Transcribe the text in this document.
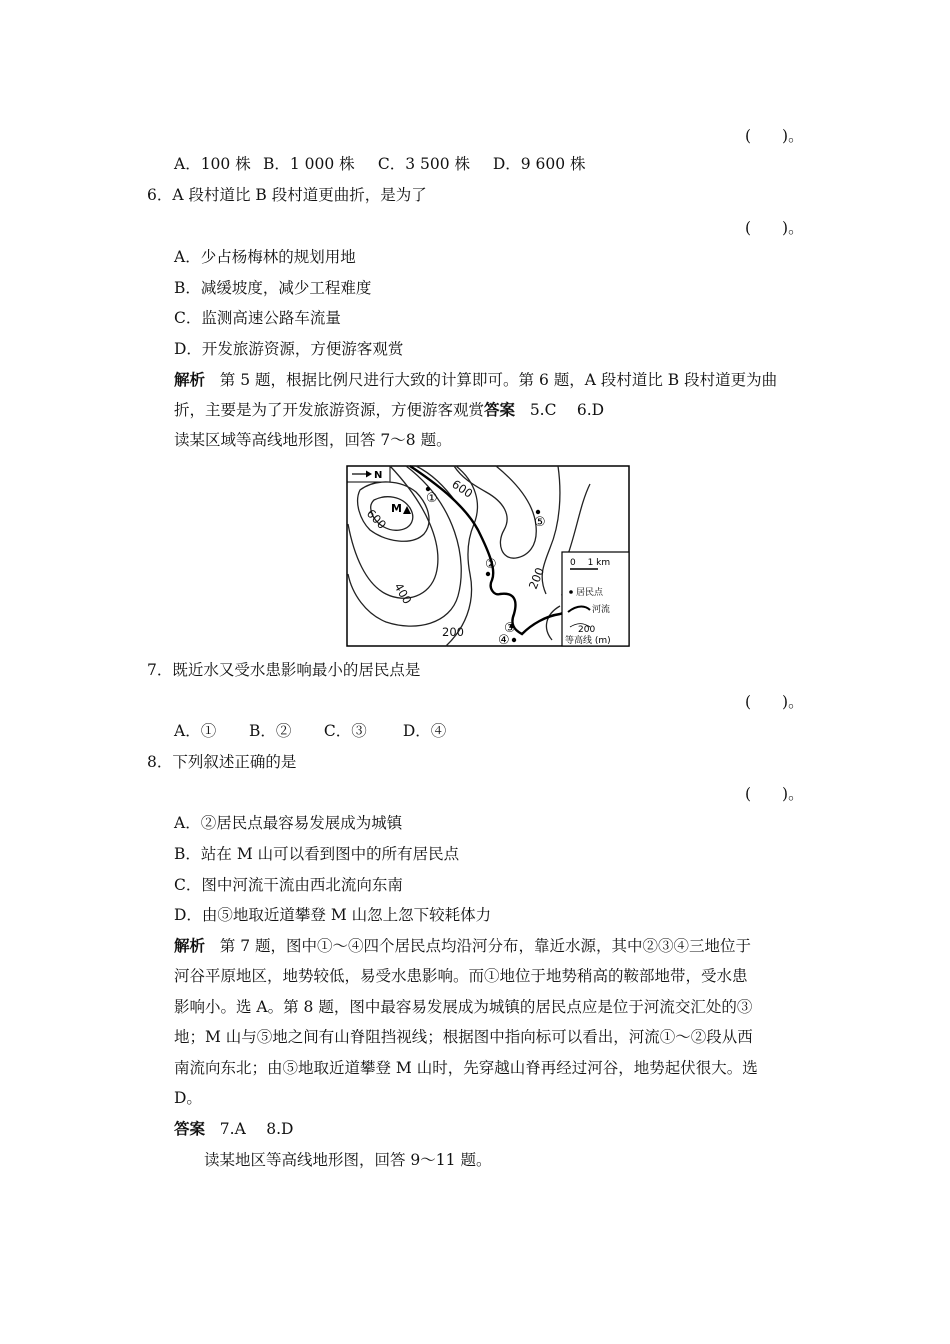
(　　)。
A．100 株 B．1 000 株 C．3 500 株 D．9 600 株
6．A 段村道比 B 段村道更曲折，是为了
(　　)。
A．少占杨梅林的规划用地
B．减缓坡度，减少工程难度
C．监测高速公路车流量
D．开发旅游资源，方便游客观赏
解析 第 5 题，根据比例尺进行大致的计算即可。第 6 题，A 段村道比 B 段村道更为曲
折，主要是为了开发旅游资源，方便游客观赏答案 5.C　 6.D
读某区域等高线地形图，回答 7～8 题。
N
600
600
400
200
200
M
①
②
③
④
⑤
0　 1 km
居民点
河流
200
等高线 (m)
7．既近水又受水患影响最小的居民点是
(　　)。
A．① B．② C．③ D．④
8．下列叙述正确的是
(　　)。
A．②居民点最容易发展成为城镇
B．站在 M 山可以看到图中的所有居民点
C．图中河流干流由西北流向东南
D．由⑤地取近道攀登 M 山忽上忽下较耗体力
解析 第 7 题，图中①～④四个居民点均沿河分布，靠近水源，其中②③④三地位于
河谷平原地区，地势较低，易受水患影响。而①地位于地势稍高的鞍部地带，受水患
影响小。选 A。第 8 题，图中最容易发展成为城镇的居民点应是位于河流交汇处的③
地；M 山与⑤地之间有山脊阻挡视线；根据图中指向标可以看出，河流①～②段从西
南流向东北；由⑤地取近道攀登 M 山时，先穿越山脊再经过河谷，地势起伏很大。选
D。
答案 7.A　 8.D
读某地区等高线地形图，回答 9～11 题。
